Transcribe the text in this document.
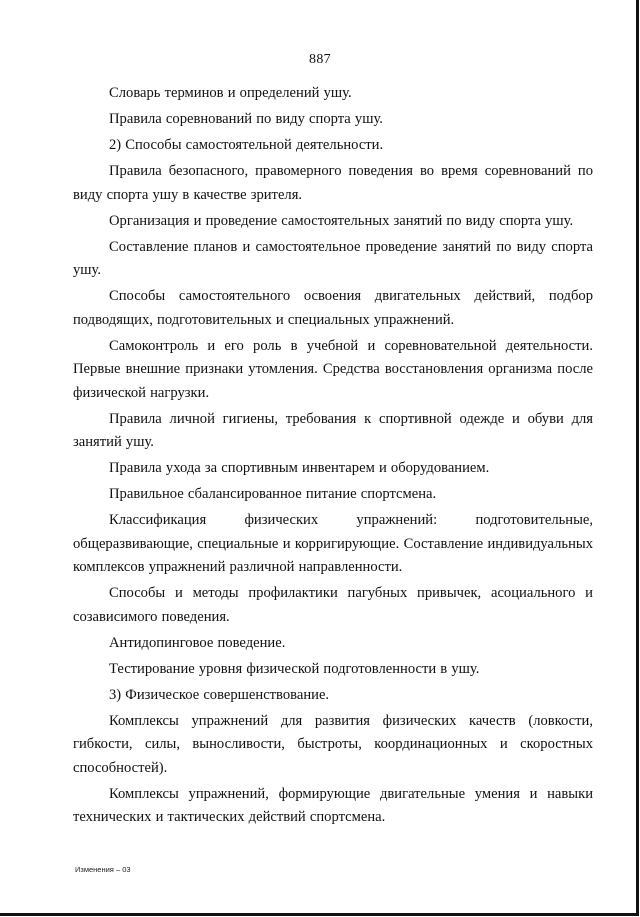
887

Словарь терминов и определений ушу.

Правила соревнований по виду спорта ушу.

2) Способы самостоятельной деятельности.

Правила безопасного, правомерного поведения во время соревнований по виду спорта ушу в качестве зрителя.

Организация и проведение самостоятельных занятий по виду спорта ушу.

Составление планов и самостоятельное проведение занятий по виду спорта ушу.

Способы самостоятельного освоения двигательных действий, подбор подводящих, подготовительных и специальных упражнений.

Самоконтроль и его роль в учебной и соревновательной деятельности. Первые внешние признаки утомления. Средства восстановления организма после физической нагрузки.

Правила личной гигиены, требования к спортивной одежде и обуви для занятий ушу.

Правила ухода за спортивным инвентарем и оборудованием.

Правильное сбалансированное питание спортсмена.

Классификация физических упражнений: подготовительные, общеразвивающие, специальные и корригирующие. Составление индивидуальных комплексов упражнений различной направленности.

Способы и методы профилактики пагубных привычек, асоциального и созависимого поведения.

Антидопинговое поведение.

Тестирование уровня физической подготовленности в ушу.

3) Физическое совершенствование.

Комплексы упражнений для развития физических качеств (ловкости, гибкости, силы, выносливости, быстроты, координационных и скоростных способностей).

Комплексы упражнений, формирующие двигательные умения и навыки технических и тактических действий спортсмена.

Изменения – 03
